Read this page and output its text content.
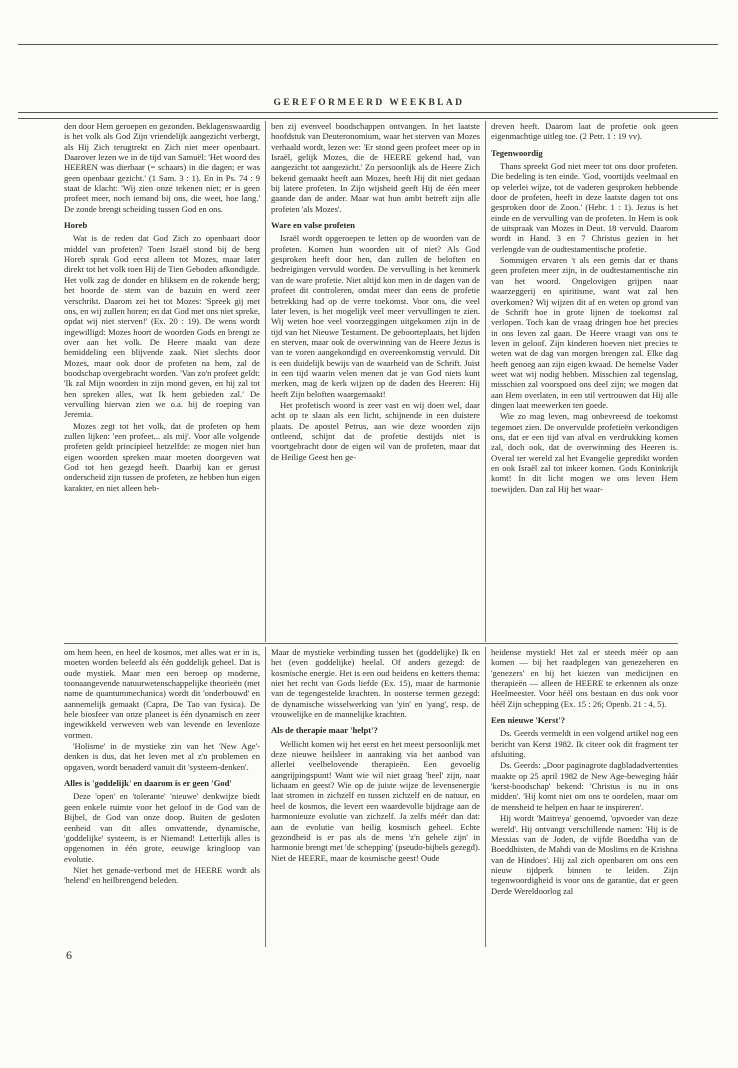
GEREFORMEERD WEEKBLAD

den door Hem geroepen en gezonden. Beklagenswaardig is het volk als God Zijn vriendelijk aangezicht verbergt, als Hij Zich terugtrekt en Zich niet meer openbaart. Daarover lezen we in de tijd van Samuël: 'Het woord des HEEREN was dierbaar (= schaars) in die dagen; er was geen openbaar gezicht.' (1 Sam. 3 : 1). En in Ps. 74 : 9 staat de klacht: 'Wij zien onze tekenen niet; er is geen profeet meer, noch iemand bij ons, die weet, hoe lang.' De zonde brengt scheiding tussen God en ons.

Horeb

Wat is de reden dat God Zich zo openbaart door middel van profeten? Toen Israël stond bij de berg Horeb sprak God eerst alleen tot Mozes, maar later direkt tot het volk toen Hij de Tien Geboden afkondigde. Het volk zag de donder en bliksem en de rokende berg; het hoorde de stem van de bazuin en werd zeer verschrikt. Daarom zei het tot Mozes: 'Spreek gij met ons, en wij zullen horen; en dat God met ons niet spreke, opdat wij niet sterven!' (Ex. 20 : 19). De wens wordt ingewilligd: Mozes hoort de woorden Gods en brengt ze over aan het volk. De Heere maakt van deze bemiddeling een blijvende zaak. Niet slechts door Mozes, maar ook door de profeten na hem, zal de boodschap overgebracht worden. 'Van zo'n profeet geldt: 'Ik zal Mijn woorden in zijn mond geven, en hij zal tot hen spreken alles, wat Ik hem gebieden zal.' De vervulling hiervan zien we o.a. bij de roeping van Jeremia.

Mozes zegt tot het volk, dat de profeten op hem zullen lijken: 'een profeet... als mij'. Voor alle volgende profeten geldt principieel hetzelfde: ze mogen niet hun eigen woorden spreken maar moeten doorgeven wat God tot hen gezegd heeft. Daarbij kan er gerust onderscheid zijn tussen de profeten, ze hebben hun eigen karakter, en niet alleen heb-

ben zij evenveel boodschappen ontvangen. In het laatste hoofdstuk van Deuteronomium, waar het sterven van Mozes verhaald wordt, lezen we: 'Er stond geen profeet meer op in Israël, gelijk Mozes, die de HEERE gekend had, van aangezicht tot aangezicht.' Zo persoonlijk als de Heere Zich bekend gemaakt heeft aan Mozes, heeft Hij dit niet gedaan bij latere profeten. In Zijn wijsheid geeft Hij de één meer gaande dan de ander. Maar wat hun ambt betreft zijn alle profeten 'als Mozes'.

Ware en valse profeten

Israël wordt opgeroepen te letten op de woorden van de profeten. Komen hun woorden uit of niet? Als God gesproken heeft door hen, dan zullen de beloften en bedreigingen vervuld worden. De vervulling is het kenmerk van de ware profetie. Niet altijd kon men in de dagen van de profeet dit controleren, omdat meer dan eens de profetie betrekking had op de verre toekomst. Voor ons, die veel later leven, is het mogelijk veel meer vervullingen te zien. Wij weten hoe veel voorzeggingen uitgekomen zijn in de tijd van het Nieuwe Testament. De geboorteplaats, het lijden en sterven, maar ook de overwinning van de Heere Jezus is van te voren aangekondigd en overeenkomstig vervuld. Dit is een duidelijk bewijs van de waarheid van de Schrift. Juist in een tijd waarin velen menen dat je van God niets kunt merken, mag de kerk wijzen op de daden des Heeren: Hij heeft Zijn beloften waargemaakt!

Het profetisch woord is zeer vast en wij doen wel, daar acht op te slaan als een licht, schijnende in een duistere plaats. De apostel Petrus, aan wie deze woorden zijn ontleend, schijnt dat de profetie destijds niet is voortgebracht door de eigen wil van de profeten, maar dat de Heilige Geest hen ge-

dreven heeft. Daarom laat de profetie ook geen eigenmachtige uitleg toe. (2 Petr. 1 : 19 vv).

Tegenwoordig

Thans spreekt God niet meer tot ons door profeten. Die bedeling is ten einde. 'God, voortijds veelmaal en op velerlei wijze, tot de vaderen gesproken hebbende door de profeten, heeft in deze laatste dagen tot ons gesproken door de Zoon.' (Hebr. 1 : 1). Jezus is het einde en de vervulling van de profeten. In Hem is ook de uitspraak van Mozes in Deut. 18 vervuld. Daarom wordt in Hand. 3 en 7 Christus gezien in het verlengde van de oudtestamentische profetie.

Sommigen ervaren 't als een gemis dat er thans geen profeten meer zijn, in de oudtestamentische zin van het woord. Ongelovigen grijpen naar waarzeggerij en spiritisme, want wat zal hen overkomen? Wij wijzen dit af en weten op grond van de Schrift hoe in grote lijnen de toekomst zal verlopen. Toch kan de vraag dringen hoe het precies in ons leven zal gaan. De Heere vraagt van ons te leven in geloof. Zijn kinderen hoeven niet precies te weten wat de dag van morgen brengen zal. Elke dag heeft genoeg aan zijn eigen kwaad. De hemelse Vader weet wat wij nodig hebben. Misschien zal tegenslag, misschien zal voorspoed ons deel zijn; we mogen dat aan Hem overlaten, in een stil vertrouwen dat Hij alle dingen laat meewerken ten goede.

Wie zo mag leven, mag onbevreesd de toekomst tegemoet zien. De onvervulde profetieën verkondigen ons, dat er een tijd van afval en verdrukking komen zal, doch ook, dat de overwinning des Heeren is. Overal ter wereld zal het Evangelie gepredikt worden en ook Israël zal tot inkeer komen. Gods Koninkrijk komt! In dit licht mogen we ons leven Hem toewijden. Dan zal Hij het waar-

om hem heen, en heel de kosmos, met alles wat er in is, moeten worden beleefd als één goddelijk geheel. Dat is oude mystiek. Maar men een beroep op moderne, toonaangevende natuurwetenschappelijke theorieën (met name de quantummechanica) wordt dit 'onderbouwd' en aannemelijk gemaakt (Capra, De Tao van fysica). De hele biosfeer van onze planeet is één dynamisch en zeer ingewikkeld verweven web van levende en levenloze vormen.

'Holisme' in de mystieke zin van het 'New Age'-denken is dus, dat het leven met al z'n problemen en opgaven, wordt benaderd vanuit dit 'systeem-denken'.

Alles is 'goddelijk' en daarom is er geen 'God'

Deze 'open' en 'tolerante' 'nieuwe' denkwijze biedt geen enkele ruimte voor het geloof in de God van de Bijbel, de God van onze doop. Buiten de gesloten eenheid van dit alles omvattende, dynamische, 'goddelijke' systeem, is er Niemand! Letterlijk alles is opgenomen in één grote, eeuwige kringloop van evolutie.

Niet het genade-verbond met de HEERE wordt als 'helend' en heilbrengend beleden.

Maar de mystieke verbinding tussen het (goddelijke) Ik en het (even goddelijke) heelal. Of anders gezegd: de kosmische energie. Het is een oud heidens en ketters thema: niet het recht van Gods liefde (Ex. 15), maar de harmonie van de tegengestelde krachten. In oosterse termen gezegd: de dynamische wisselwerking van 'yin' en 'yang', resp. de vrouwelijke en de mannelijke krachten.

Als de therapie maar 'helpt'?

Wellicht komen wij het eerst en het meest persoonlijk met deze nieuwe heilsleer in aanraking via het aanbod van allerlei veelbelovende therapieën. Een gevoelig aangrijpingspunt! Want wie wil niet graag 'heel' zijn, naar lichaam en geest? Wie op de juiste wijze de levensenergie laat stromen in zichzelf en tussen zichzelf en de natuur, en heel de kosmos, die levert een waardevolle bijdrage aan de harmonieuze evolutie van zichzelf. Ja zelfs méér dan dat: aan de evolutie van heilig kosmisch geheel. Echte gezondheid is er pas als de mens 'z'n gehele zijn' in harmonie brengt met 'de schepping' (pseudo-bijbels gezegd). Niet de HEERE, maar de kosmische geest! Oude

heidense mystiek! Het zal er steeds méér op aan komen — bij het raadplegen van genezeheren en 'genezers' en bij het kiezen van medicijnen en therapieën — alleen de HEERE te erkennen als onze Heelmeester. Voor héél ons bestaan en dus ook voor héél Zijn schepping (Ex. 15 : 26; Openb. 21 : 4, 5).

Een nieuwe 'Kerst'?

Ds. Geerds vermeldt in een volgend artikel nog een bericht van Kerst 1982. Ik citeer ook dit fragment ter afsluiting.

Ds. Geerds: „Door paginagrote dagbladadvertenties maakte op 25 april 1982 de New Age-beweging háár 'kerst-boodschap' bekend: 'Christus is nu in ons midden'. 'Hij komt niet om ons te oordelen, maar om de mensheid te helpen en haar te inspireren'.

Hij wordt 'Maitreya' genoemd, 'opvoeder van deze wereld'. Hij ontvangt verschillende namen: 'Hij is de Messias van de Joden, de vijfde Boeddha van de Boeddhisten, de Mahdi van de Moslims en de Krishna van de Hindoes'. Hij zal zich openbaren om ons een nieuw tijdperk binnen te leiden. Zijn tegenwoordigheid is voor ons de garantie, dat er geen Derde Wereldoorlog zal

6
